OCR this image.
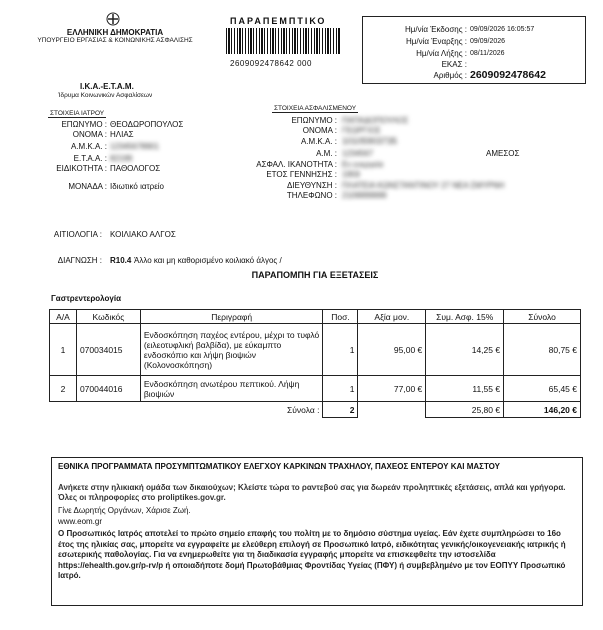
ΕΛΛΗΝΙΚΗ ΔΗΜΟΚΡΑΤΙΑ
ΥΠΟΥΡΓΕΙΟ ΕΡΓΑΣΙΑΣ & ΚΟΙΝΩΝΙΚΗΣ ΑΣΦΑΛΙΣΗΣ
ΠΑΡΑΠΕΜΠΤΙΚΟ
2609092478642 000
Ι.Κ.Α.-Ε.Τ.Α.Μ.
Ίδρυμα Κοινωνικών Ασφαλίσεων
Ημ/νία Έκδοσης : 09/09/2026 16:05:57
Ημ/νία Έναρξης : 09/09/2026
Ημ/νία Λήξης : 08/11/2026
ΕΚΑΣ :
Αριθμός : 2609092478642
ΣΤΟΙΧΕΙΑ ΙΑΤΡΟΥ
ΕΠΩΝΥΜΟ : ΘΕΟΔΩΡΟΠΟΥΛΟΣ
ΟΝΟΜΑ : ΗΛΙΑΣ
Α.Μ.Κ.Α. : 12345678901
Ε.Τ.Α.Α. : 82199
ΕΙΔΙΚΟΤΗΤΑ : ΠΑΘΟΛΟΓΟΣ
ΜΟΝΑΔΑ : Ιδιωτικό ιατρείο
ΣΤΟΙΧΕΙΑ ΑΣΦΑΛΙΣΜΕΝΟΥ
ΕΠΩΝΥΜΟ : ΠΑΠΑΔΟΠΟΥΛΟΣ
ΟΝΟΜΑ : ΓΕΩΡΓΙΟΣ
Α.Μ.Κ.Α. : 10105903735
Α.Μ. : 1234567	ΑΜΕΣΟΣ
ΑΣΦΑΛ. ΙΚΑΝΟΤΗΤΑ : Εν ενεργεία
ΕΤΟΣ ΓΕΝΝΗΣΗΣ : 1959
ΔΙΕΥΘΥΝΣΗ : ΠΛΑΤΕΙΑ ΚΩΝΣΤΑΝΤΙΝΟΥ 27 ΝΕΑ ΣΜΥΡΝΗ
ΤΗΛΕΦΩΝΟ : 2109999999
ΑΙΤΙΟΛΟΓΙΑ : ΚΟΙΛΙΑΚΟ ΑΛΓΟΣ
ΔΙΑΓΝΩΣΗ : R10.4 Άλλο και μη καθορισμένο κοιλιακό άλγος /
ΠΑΡΑΠΟΜΠΗ ΓΙΑ ΕΞΕΤΑΣΕΙΣ
Γαστρεντερολογία
Α/Α	Κωδικός	Περιγραφή	Ποσ.	Αξία μον.	Συμ. Ασφ. 15%	Σύνολο
1	070034015	Ενδοσκόπηση παχέος εντέρου, μέχρι το τυφλό (ειλεοτυφλική βαλβίδα), με εύκαμπτο ενδοσκόπιο και λήψη βιοψιών (Κολονοσκόπηση)	1	95,00 €	14,25 €	80,75 €
2	070044016	Ενδοσκόπηση ανωτέρου πεπτικού. Λήψη βιοψιών	1	77,00 €	11,55 €	65,45 €
Σύνολα :			2		25,80 €	146,20 €
ΕΘΝΙΚΑ ΠΡΟΓΡΑΜΜΑΤΑ ΠΡΟΣΥΜΠΤΩΜΑΤΙΚΟΥ ΕΛΕΓΧΟΥ ΚΑΡΚΙΝΩΝ ΤΡΑΧΗΛΟΥ, ΠΑΧΕΟΣ ΕΝΤΕΡΟΥ ΚΑΙ ΜΑΣΤΟΥ
Ανήκετε στην ηλικιακή ομάδα των δικαιούχων; Κλείστε τώρα το ραντεβού σας για δωρεάν προληπτικές εξετάσεις, απλά και γρήγορα. Όλες οι πληροφορίες στο proliptikes.gov.gr.
Γίνε Δωρητής Οργάνων, Χάρισε Ζωή.
www.eom.gr
Ο Προσωπικός Ιατρός αποτελεί το πρώτο σημείο επαφής του πολίτη με το δημόσιο σύστημα υγείας. Εάν έχετε συμπληρώσει το 16ο έτος της ηλικίας σας, μπορείτε να εγγραφείτε με ελεύθερη επιλογή σε Προσωπικό Ιατρό, ειδικότητας γενικής/οικογενειακής ιατρικής ή εσωτερικής παθολογίας. Για να ενημερωθείτε για τη διαδικασία εγγραφής μπορείτε να επισκεφθείτε την ιστοσελίδα https://ehealth.gov.gr/p-rv/p ή οποιαδήποτε δομή Πρωτοβάθμιας Φροντίδας Υγείας (ΠΦΥ) ή συμβεβλημένο με τον ΕΟΠΥΥ Προσωπικό Ιατρό.
